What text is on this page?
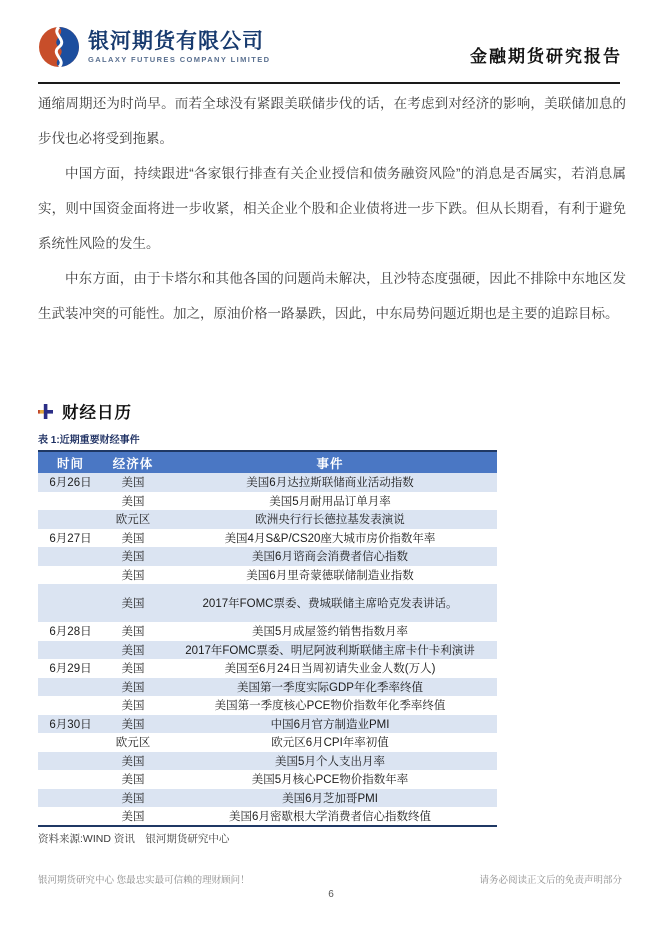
银河期货有限公司
GALAXY FUTURES COMPANY LIMITED	金融期货研究报告

通缩周期还为时尚早。而若全球没有紧跟美联储步伐的话，在考虑到对经济的影响，美联储加息的步伐也必将受到拖累。

中国方面，持续跟进“各家银行排查有关企业授信和债务融资风险”的消息是否属实，若消息属实，则中国资金面将进一步收紧，相关企业个股和企业债将进一步下跌。但从长期看，有利于避免系统性风险的发生。

中东方面，由于卡塔尔和其他各国的问题尚未解决，且沙特态度强硬，因此不排除中东地区发生武装冲突的可能性。加之，原油价格一路暴跌，因此，中东局势问题近期也是主要的追踪目标。

财经日历
表 1:近期重要财经事件
时间	经济体	事件
6月26日	美国	美国6月达拉斯联储商业活动指数
	美国	美国5月耐用品订单月率
	欧元区	欧洲央行行长德拉基发表演说
6月27日	美国	美国4月S&P/CS20座大城市房价指数年率
	美国	美国6月谘商会消费者信心指数
	美国	美国6月里奇蒙德联储制造业指数
	美国	2017年FOMC票委、费城联储主席哈克发表讲话。
6月28日	美国	美国5月成屋签约销售指数月率
	美国	2017年FOMC票委、明尼阿波利斯联储主席卡什卡利演讲
6月29日	美国	美国至6月24日当周初请失业金人数(万人)
	美国	美国第一季度实际GDP年化季率终值
	美国	美国第一季度核心PCE物价指数年化季率终值
6月30日	美国	中国6月官方制造业PMI
	欧元区	欧元区6月CPI年率初值
	美国	美国5月个人支出月率
	美国	美国5月核心PCE物价指数年率
	美国	美国6月芝加哥PMI
	美国	美国6月密歇根大学消费者信心指数终值
资料来源:WIND 资讯　银河期货研究中心
银河期货研究中心 您最忠实最可信赖的理财顾问！	请务必阅读正文后的免责声明部分
6
